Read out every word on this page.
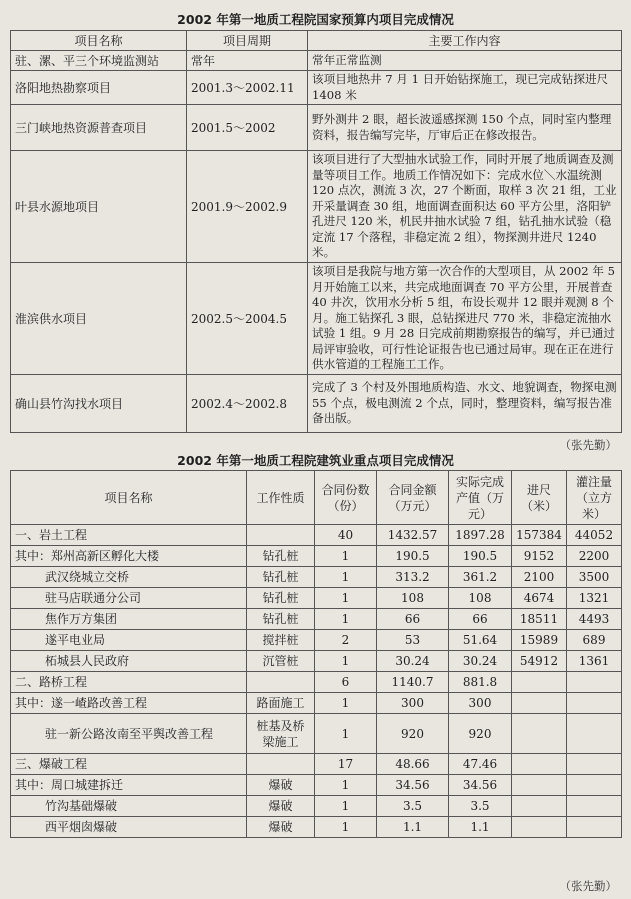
2002 年第一地质工程院国家预算内项目完成情况
项目名称	项目周期	主要工作内容
驻、漯、平三个环境监测站	常年	常年正常监测
洛阳地热勘察项目	2001.3～2002.11	该项目地热井 7 月 1 日开始钻探施工，现已完成钻探进尺 1408 米
三门峡地热资源普查项目	2001.5～2002	野外测井 2 眼，超长波遥感探测 150 个点，同时室内整理资料，报告编写完毕，厅审后正在修改报告。
叶县水源地项目	2001.9～2002.9	该项目进行了大型抽水试验工作，同时开展了地质调查及测量等项目工作。地质工作情况如下：完成水位＼水温统测 120 点次，测流 3 次，27 个断面，取样 3 次 21 组，工业开采量调查 30 组，地面调查面积达 60 平方公里，洛阳铲孔进尺 120 米，机民井抽水试验 7 组，钻孔抽水试验（稳定流 17 个落程，非稳定流 2 组），物探测井进尺 1240 米。
淮滨供水项目	2002.5～2004.5	该项目是我院与地方第一次合作的大型项目，从 2002 年 5 月开始施工以来，共完成地面调查 70 平方公里，开展普查 40 井次，饮用水分析 5 组，布设长观井 12 眼并观测 8 个月。施工钻探孔 3 眼，总钻探进尺 770 米，非稳定流抽水试验 1 组。9 月 28 日完成前期勘察报告的编写，并已通过局评审验收，可行性论证报告也已通过局审。现在正在进行供水管道的工程施工工作。
确山县竹沟找水项目	2002.4～2002.8	完成了 3 个村及外围地质构造、水文、地貌调查，物探电测 55 个点，极电测流 2 个点，同时，整理资料，编写报告准备出版。
（张先勤）
2002 年第一地质工程院建筑业重点项目完成情况
项目名称	工作性质	合同份数（份）	合同金额（万元）	实际完成产值（万元）	进尺（米）	灌注量（立方米）
一、岩土工程		40	1432.57	1897.28	157384	44052
其中：郑州高新区孵化大楼	钻孔桩	1	190.5	190.5	9152	2200
武汉绕城立交桥	钻孔桩	1	313.2	361.2	2100	3500
驻马店联通分公司	钻孔桩	1	108	108	4674	1321
焦作万方集团	钻孔桩	1	66	66	18511	4493
遂平电业局	搅拌桩	2	53	51.64	15989	689
柘城县人民政府	沉管桩	1	30.24	30.24	54912	1361
二、路桥工程		6	1140.7	881.8		
其中：遂一嵖路改善工程	路面施工	1	300	300		
驻一新公路汝南至平舆改善工程	桩基及桥梁施工	1	920	920		
三、爆破工程		17	48.66	47.46		
其中：周口城建拆迁	爆破	1	34.56	34.56		
竹沟基础爆破	爆破	1	3.5	3.5		
西平烟囱爆破	爆破	1	1.1	1.1		
（张先勤）
